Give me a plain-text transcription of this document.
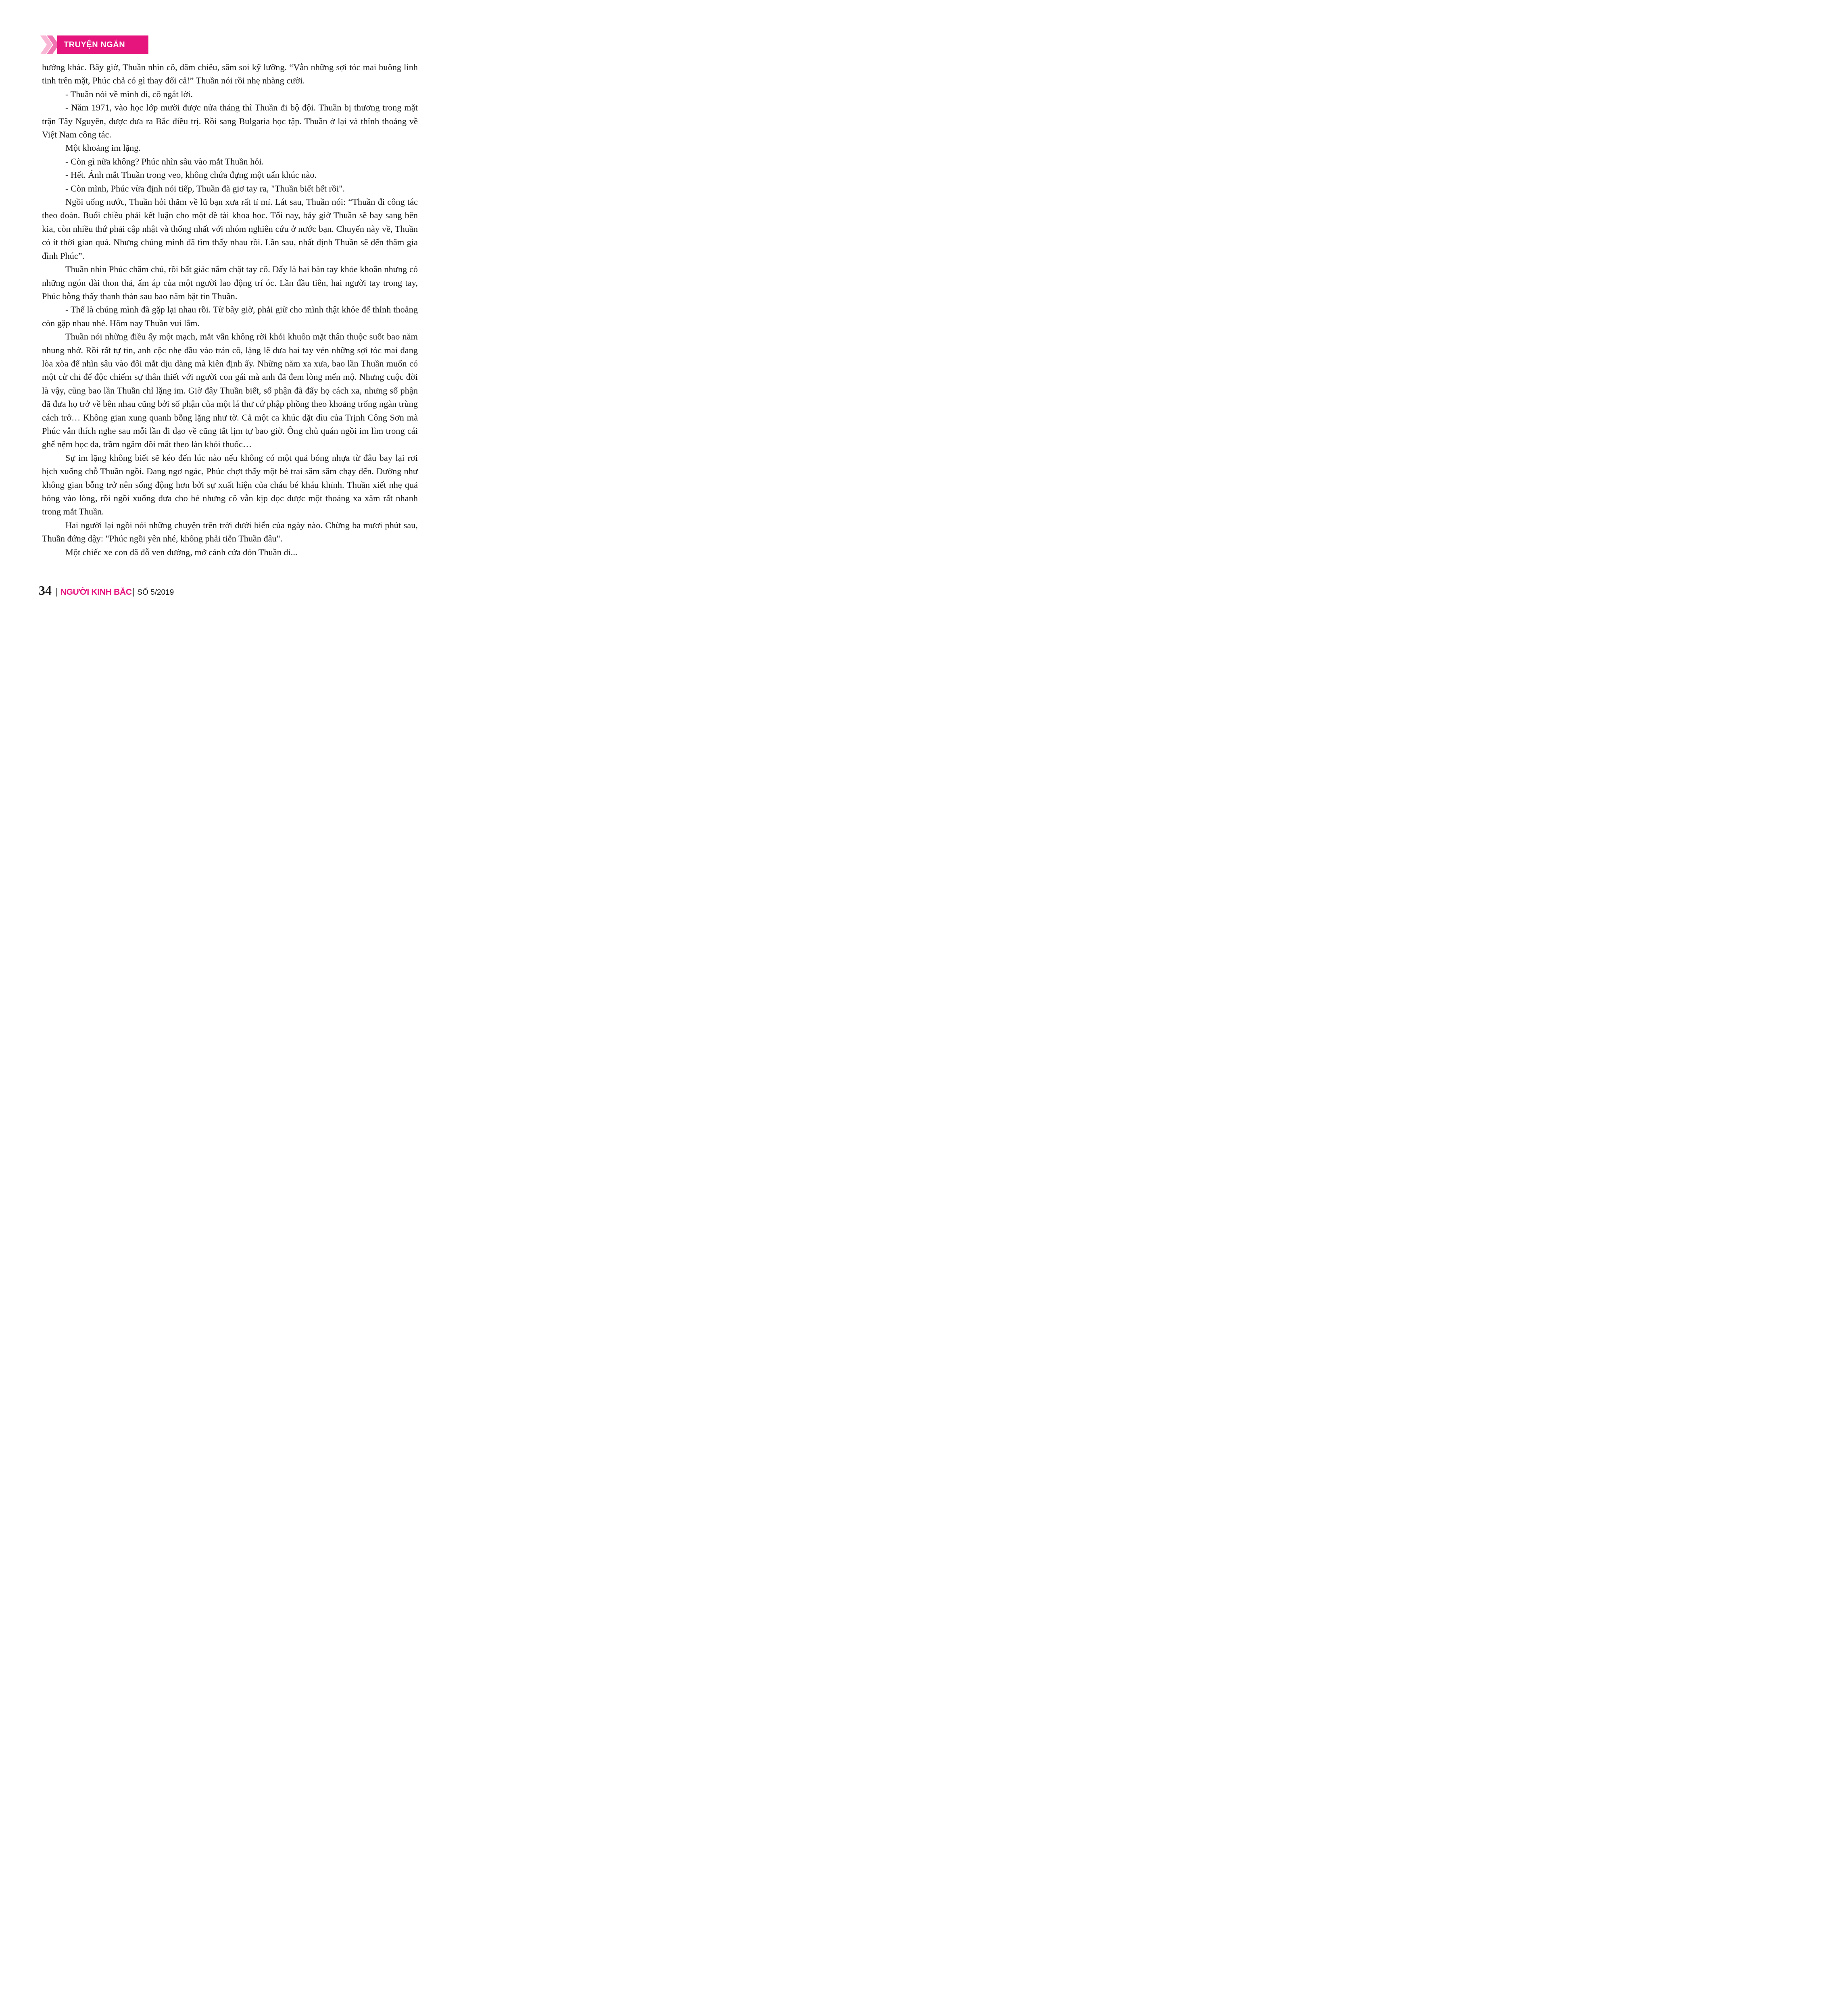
TRUYỆN NGẮN

hướng khác. Bây giờ, Thuần nhìn cô, đăm chiêu, săm soi kỹ lưỡng. “Vẫn những sợi tóc mai buông linh tinh trên mặt, Phúc chả có gì thay đổi cả!” Thuần nói rồi nhẹ nhàng cười.

- Thuần nói về mình đi, cô ngắt lời.

- Năm 1971, vào học lớp mười được nửa tháng thì Thuần đi bộ đội. Thuần bị thương trong mặt trận Tây Nguyên, được đưa ra Bắc điều trị. Rồi sang Bulgaria học tập. Thuần ở lại và thỉnh thoảng về Việt Nam công tác.

Một khoảng im lặng.

- Còn gì nữa không? Phúc nhìn sâu vào mắt Thuần hỏi.

- Hết. Ánh mắt Thuần trong veo, không chứa đựng một uẩn khúc nào.

- Còn mình, Phúc vừa định nói tiếp, Thuần đã giơ tay ra, "Thuần biết hết rồi".

Ngồi uống nước, Thuần hỏi thăm về lũ bạn xưa rất tỉ mỉ. Lát sau, Thuần nói: “Thuần đi công tác theo đoàn. Buổi chiều phải kết luận cho một đề tài khoa học. Tối nay, bảy giờ Thuần sẽ bay sang bên kia, còn nhiều thứ phải cập nhật và thống nhất với nhóm nghiên cứu ở nước bạn. Chuyến này về, Thuần có ít thời gian quá. Nhưng chúng mình đã tìm thấy nhau rồi. Lần sau, nhất định Thuần sẽ đến thăm gia đình Phúc”.

Thuần nhìn Phúc chăm chú, rồi bất giác nắm chặt tay cô. Đấy là hai bàn tay khỏe khoắn nhưng có những ngón dài thon thả, ấm áp của một người lao động trí óc. Lần đầu tiên, hai người tay trong tay, Phúc bỗng thấy thanh thản sau bao năm bặt tin Thuần.

- Thế là chúng mình đã gặp lại nhau rồi. Từ bây giờ, phải giữ cho mình thật khỏe để thỉnh thoảng còn gặp nhau nhé. Hôm nay Thuần vui lắm.

Thuần nói những điều ấy một mạch, mắt vẫn không rời khỏi khuôn mặt thân thuộc suốt bao năm nhung nhớ. Rồi rất tự tin, anh cộc nhẹ đầu vào trán cô, lặng lẽ đưa hai tay vén những sợi tóc mai đang lòa xòa để nhìn sâu vào đôi mắt dịu dàng mà kiên định ấy. Những năm xa xưa, bao lần Thuần muốn có một cử chỉ để độc chiếm sự thân thiết với người con gái mà anh đã đem lòng mến mộ. Nhưng cuộc đời là vậy, cũng bao lần Thuần chỉ lặng im. Giờ đây Thuần biết, số phận đã đẩy họ cách xa, nhưng số phận đã đưa họ trở về bên nhau cũng bởi số phận của một lá thư cứ phập phồng theo khoảng trống ngàn trùng cách trở… Không gian xung quanh bỗng lặng như tờ. Cả một ca khúc dặt dìu của Trịnh Công Sơn mà Phúc vẫn thích nghe sau mỗi lần đi dạo về cũng tắt lịm tự bao giờ. Ông chủ quán ngồi im lìm trong cái ghế nệm bọc da, trầm ngâm dõi mắt theo làn khói thuốc…

Sự im lặng không biết sẽ kéo đến lúc nào nếu không có một quả bóng nhựa từ đâu bay lại rơi bịch xuống chỗ Thuần ngồi. Đang ngơ ngác, Phúc chợt thấy một bé trai săm săm chạy đến. Dường như không gian bỗng trở nên sống động hơn bởi sự xuất hiện của cháu bé kháu khỉnh. Thuần xiết nhẹ quả bóng vào lòng, rồi ngồi xuống đưa cho bé nhưng cô vẫn kịp đọc được một thoáng xa xăm rất nhanh trong mắt Thuần.

Hai người lại ngồi nói những chuyện trên trời dưới biển của ngày nào. Chừng ba mươi phút sau, Thuần đứng dậy: "Phúc ngồi yên nhé, không phải tiễn Thuần đâu".

Một chiếc xe con đã đỗ ven đường, mở cánh cửa đón Thuần đi...

34 | NGƯỜI KINH BẮC | SỐ 5/2019
